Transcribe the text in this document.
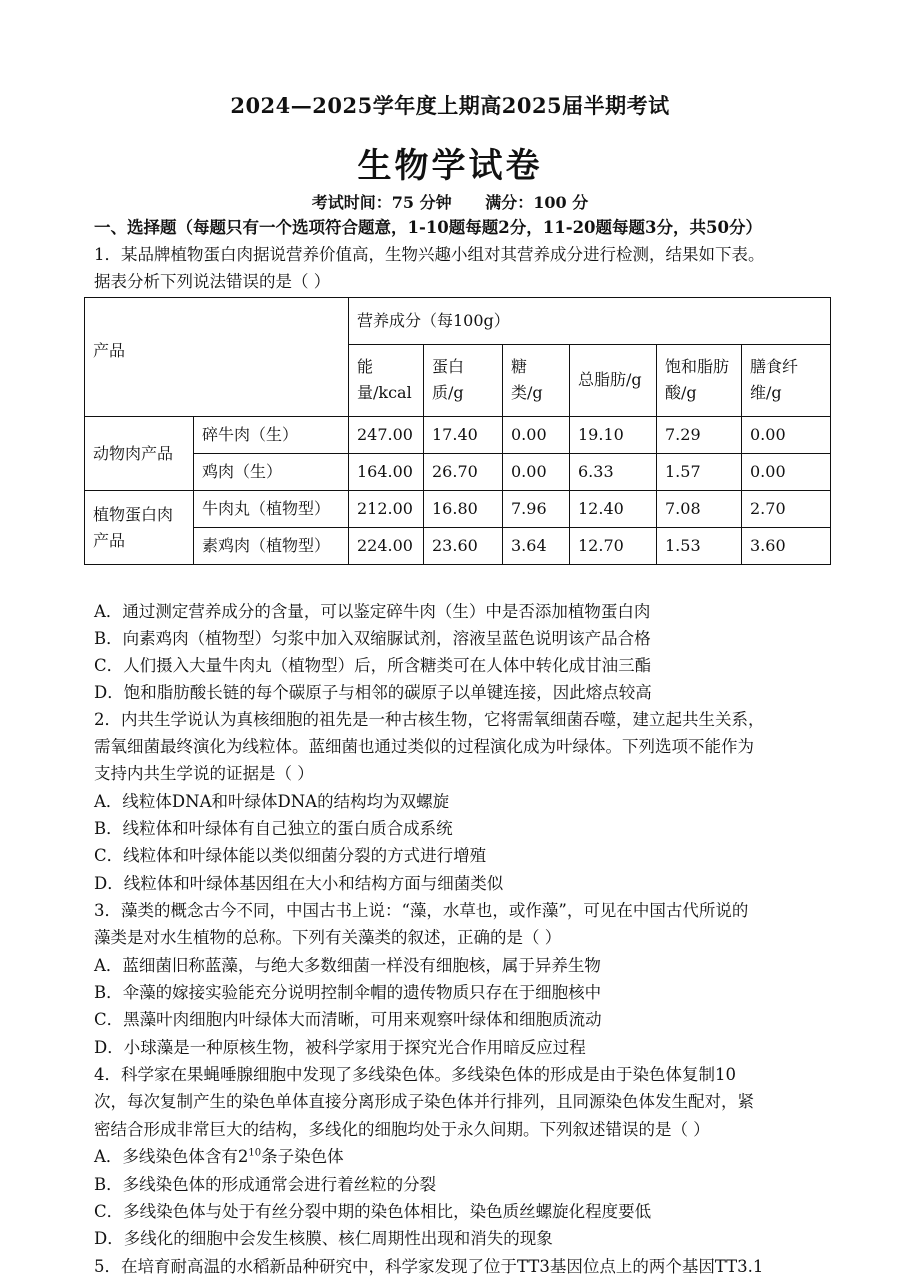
2024—2025学年度上期高2025届半期考试
生物学试卷
考试时间：75 分钟 满分：100 分
一、选择题（每题只有一个选项符合题意，1-10题每题2分，11-20题每题3分，共50分）
1．某品牌植物蛋白肉据说营养价值高，生物兴趣小组对其营养成分进行检测，结果如下表。
据表分析下列说法错误的是（ ）
产品		营养成分（每100g）					
		能 量/kcal	蛋白质/g	糖 类/g	总脂肪/g	饱和脂肪酸/g	膳食纤维/g
动物肉产品	碎牛肉（生）	247.00	17.40	0.00	19.10	7.29	0.00
	鸡肉（生）	164.00	26.70	0.00	6.33	1.57	0.00
植物蛋白肉产品	牛肉丸（植物型）	212.00	16.80	7.96	12.40	7.08	2.70
	素鸡肉（植物型）	224.00	23.60	3.64	12.70	1.53	3.60
A．通过测定营养成分的含量，可以鉴定碎牛肉（生）中是否添加植物蛋白肉
B．向素鸡肉（植物型）匀浆中加入双缩脲试剂，溶液呈蓝色说明该产品合格
C．人们摄入大量牛肉丸（植物型）后，所含糖类可在人体中转化成甘油三酯
D．饱和脂肪酸长链的每个碳原子与相邻的碳原子以单键连接，因此熔点较高
2．内共生学说认为真核细胞的祖先是一种古核生物，它将需氧细菌吞噬，建立起共生关系，
需氧细菌最终演化为线粒体。蓝细菌也通过类似的过程演化成为叶绿体。下列选项不能作为
支持内共生学说的证据是（ ）
A．线粒体DNA和叶绿体DNA的结构均为双螺旋
B．线粒体和叶绿体有自己独立的蛋白质合成系统
C．线粒体和叶绿体能以类似细菌分裂的方式进行增殖
D．线粒体和叶绿体基因组在大小和结构方面与细菌类似
3．藻类的概念古今不同，中国古书上说：“藻，水草也，或作藻”，可见在中国古代所说的
藻类是对水生植物的总称。下列有关藻类的叙述，正确的是（ ）
A．蓝细菌旧称蓝藻，与绝大多数细菌一样没有细胞核，属于异养生物
B．伞藻的嫁接实验能充分说明控制伞帽的遗传物质只存在于细胞核中
C．黑藻叶肉细胞内叶绿体大而清晰，可用来观察叶绿体和细胞质流动
D．小球藻是一种原核生物，被科学家用于探究光合作用暗反应过程
4．科学家在果蝇唾腺细胞中发现了多线染色体。多线染色体的形成是由于染色体复制10
次，每次复制产生的染色单体直接分离形成子染色体并行排列，且同源染色体发生配对，紧
密结合形成非常巨大的结构，多线化的细胞均处于永久间期。下列叙述错误的是（ ）
A．多线染色体含有$2^{10}$条子染色体
B．多线染色体的形成通常会进行着丝粒的分裂
C．多线染色体与处于有丝分裂中期的染色体相比，染色质丝螺旋化程度要低
D．多线化的细胞中会发生核膜、核仁周期性出现和消失的现象
5．在培育耐高温的水稻新品种研究中，科学家发现了位于TT3基因位点上的两个基因TT3.1
